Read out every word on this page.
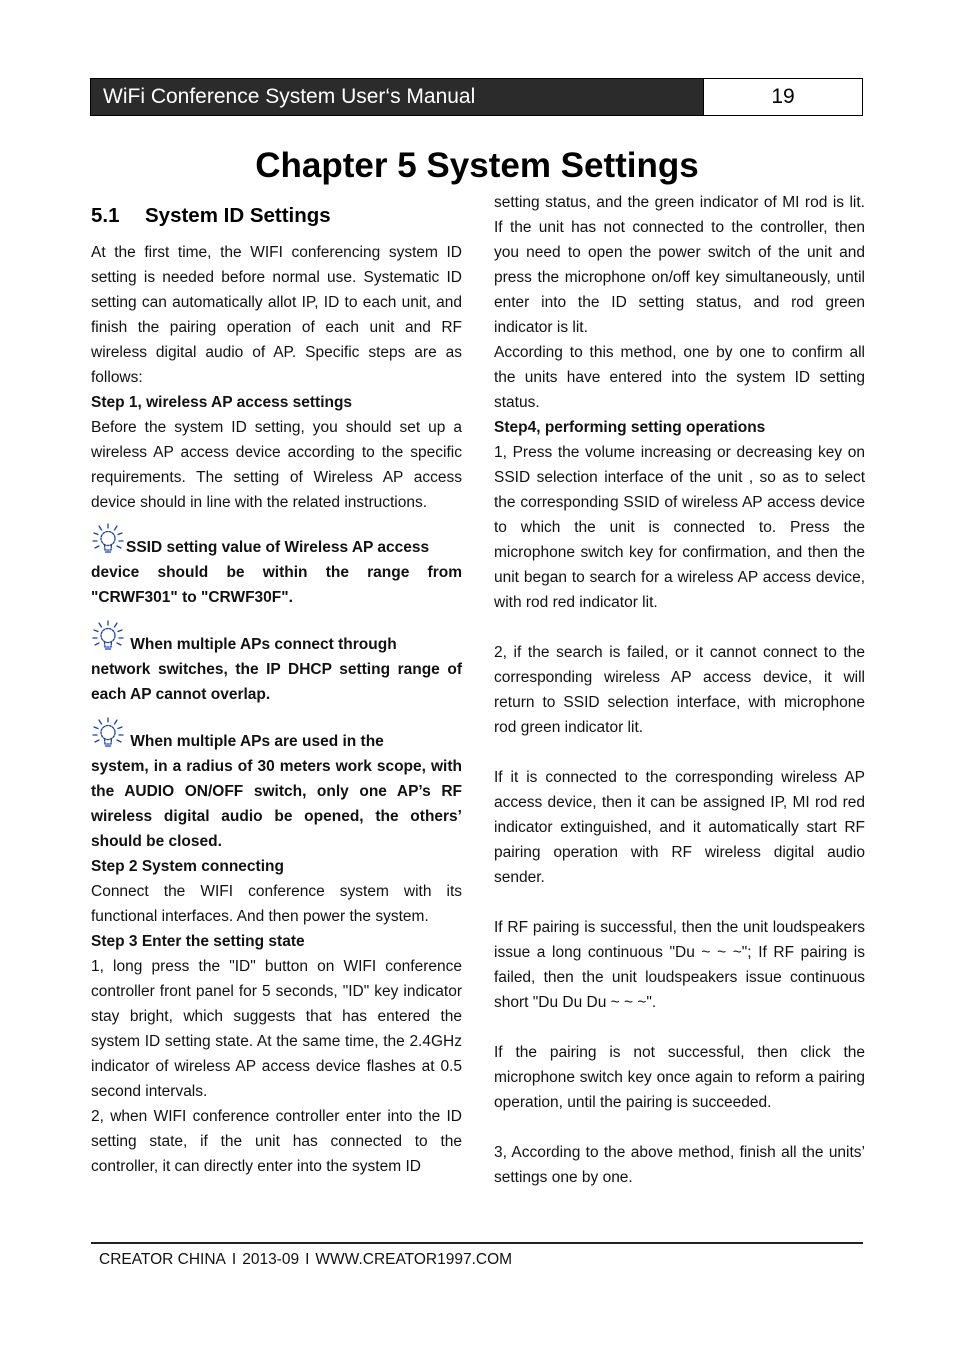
WiFi Conference System User‘s Manual	19
Chapter 5 System Settings
5.1 System ID Settings

At the first time, the WIFI conferencing system ID setting is needed before normal use. Systematic ID setting can automatically allot IP, ID to each unit, and finish the pairing operation of each unit and RF wireless digital audio of AP. Specific steps are as follows:

Step 1, wireless AP access settings

Before the system ID setting, you should set up a wireless AP access device according to the specific requirements. The setting of Wireless AP access device should in line with the related instructions.

SSID setting value of Wireless AP access

device should be within the range from "CRWF301" to "CRWF30F".

When multiple APs connect through

network switches, the IP DHCP setting range of each AP cannot overlap.

When multiple APs are used in the

system, in a radius of 30 meters work scope, with the AUDIO ON/OFF switch, only one AP’s RF wireless digital audio be opened, the others’ should be closed.

Step 2 System connecting

Connect the WIFI conference system with its functional interfaces. And then power the system.

Step 3 Enter the setting state

1, long press the "ID" button on WIFI conference controller front panel for 5 seconds, "ID" key indicator stay bright, which suggests that has entered the system ID setting state. At the same time, the 2.4GHz indicator of wireless AP access device flashes at 0.5 second intervals.

2, when WIFI conference controller enter into the ID setting state, if the unit has connected to the controller, it can directly enter into the system ID

setting status, and the green indicator of MI rod is lit. If the unit has not connected to the controller, then you need to open the power switch of the unit and press the microphone on/off key simultaneously, until enter into the ID setting status, and rod green indicator is lit.

According to this method, one by one to confirm all the units have entered into the system ID setting status.

Step4, performing setting operations

1, Press the volume increasing or decreasing key on SSID selection interface of the unit , so as to select the corresponding SSID of wireless AP access device to which the unit is connected to. Press the microphone switch key for confirmation, and then the unit began to search for a wireless AP access device, with rod red indicator lit.

2, if the search is failed, or it cannot connect to the corresponding wireless AP access device, it will return to SSID selection interface, with microphone rod green indicator lit.

If it is connected to the corresponding wireless AP access device, then it can be assigned IP, MI rod red indicator extinguished, and it automatically start RF pairing operation with RF wireless digital audio sender.

If RF pairing is successful, then the unit loudspeakers issue a long continuous "Du ~ ~ ~"; If RF pairing is failed, then the unit loudspeakers issue continuous short "Du Du Du ~ ~ ~".

If the pairing is not successful, then click the microphone switch key once again to reform a pairing operation, until the pairing is succeeded.

3, According to the above method, finish all the units’ settings one by one.

CREATOR CHINA I 2013-09 I WWW.CREATOR1997.COM
